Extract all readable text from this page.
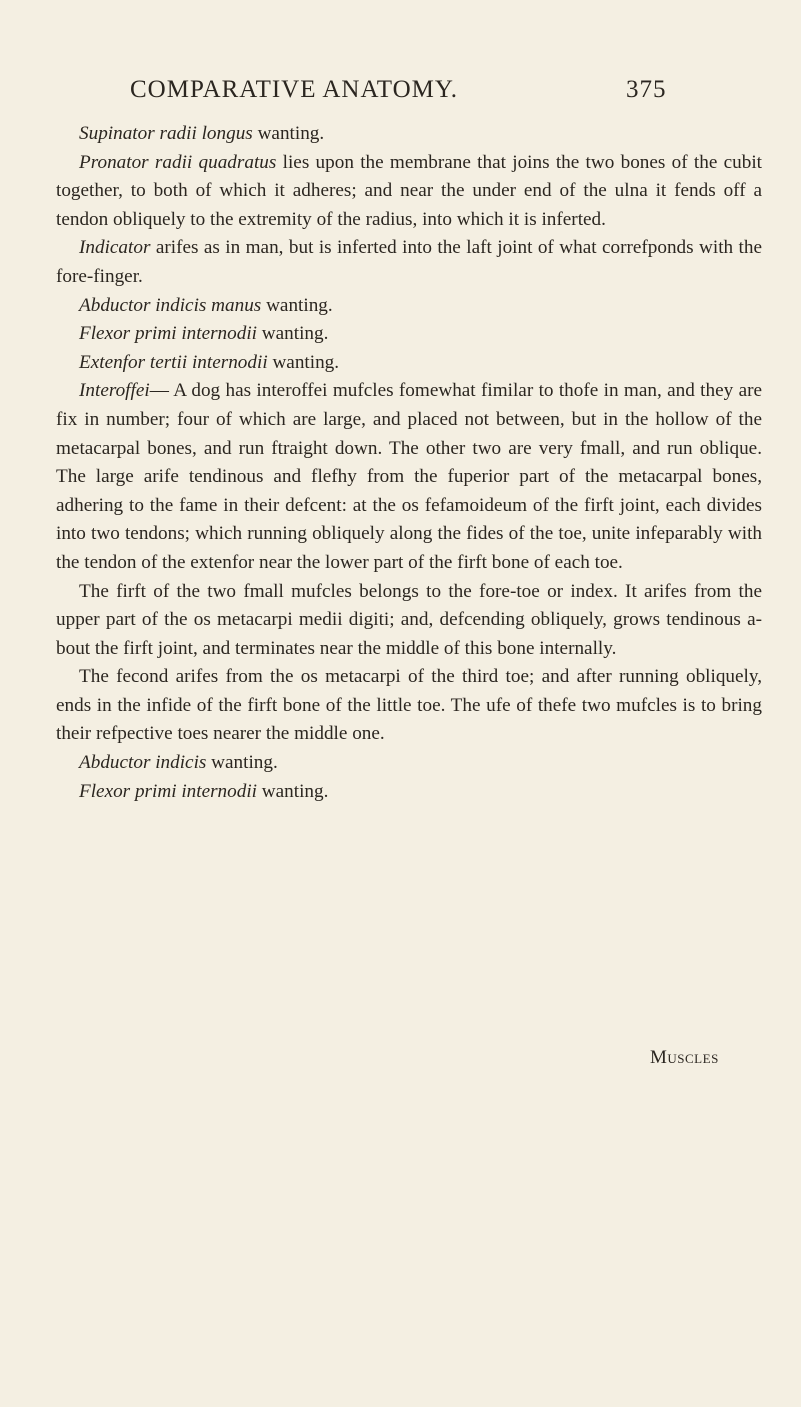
COMPARATIVE ANATOMY.	375

Supinator radii longus wanting.

Pronator radii quadratus lies upon the membrane that joins the two bones of the cubit together, to both of which it adheres; and near the under end of the ulna it fends off a tendon obliquely to the extremity of the radius, into which it is inferted.

Indicator arifes as in man, but is inferted into the laft joint of what correfponds with the fore-finger.

Abductor indicis manus wanting.

Flexor primi internodii wanting.

Extenfor tertii internodii wanting.

Interoffei— A dog has interoffei mufcles fomewhat fimilar to thofe in man, and they are fix in number; four of which are large, and placed not between, but in the hollow of the metacarpal bones, and run ftraight down. The other two are very fmall, and run oblique. The large arife tendinous and flefhy from the fuperior part of the metacarpal bones, adhering to the fame in their defcent: at the os fefamoideum of the firft joint, each divides into two tendons; which running obliquely along the fides of the toe, unite infeparably with the tendon of the extenfor near the lower part of the firft bone of each toe.

The firft of the two fmall mufcles belongs to the fore-toe or index. It arifes from the upper part of the os metacarpi medii digiti; and, defcending obliquely, grows tendinous about the firft joint, and terminates near the middle of this bone internally.

The fecond arifes from the os metacarpi of the third toe; and after running obliquely, ends in the infide of the firft bone of the little toe. The ufe of thefe two mufcles is to bring their refpective toes nearer the middle one.

Abductor indicis wanting.

Flexor primi internodii wanting.

Muscles
